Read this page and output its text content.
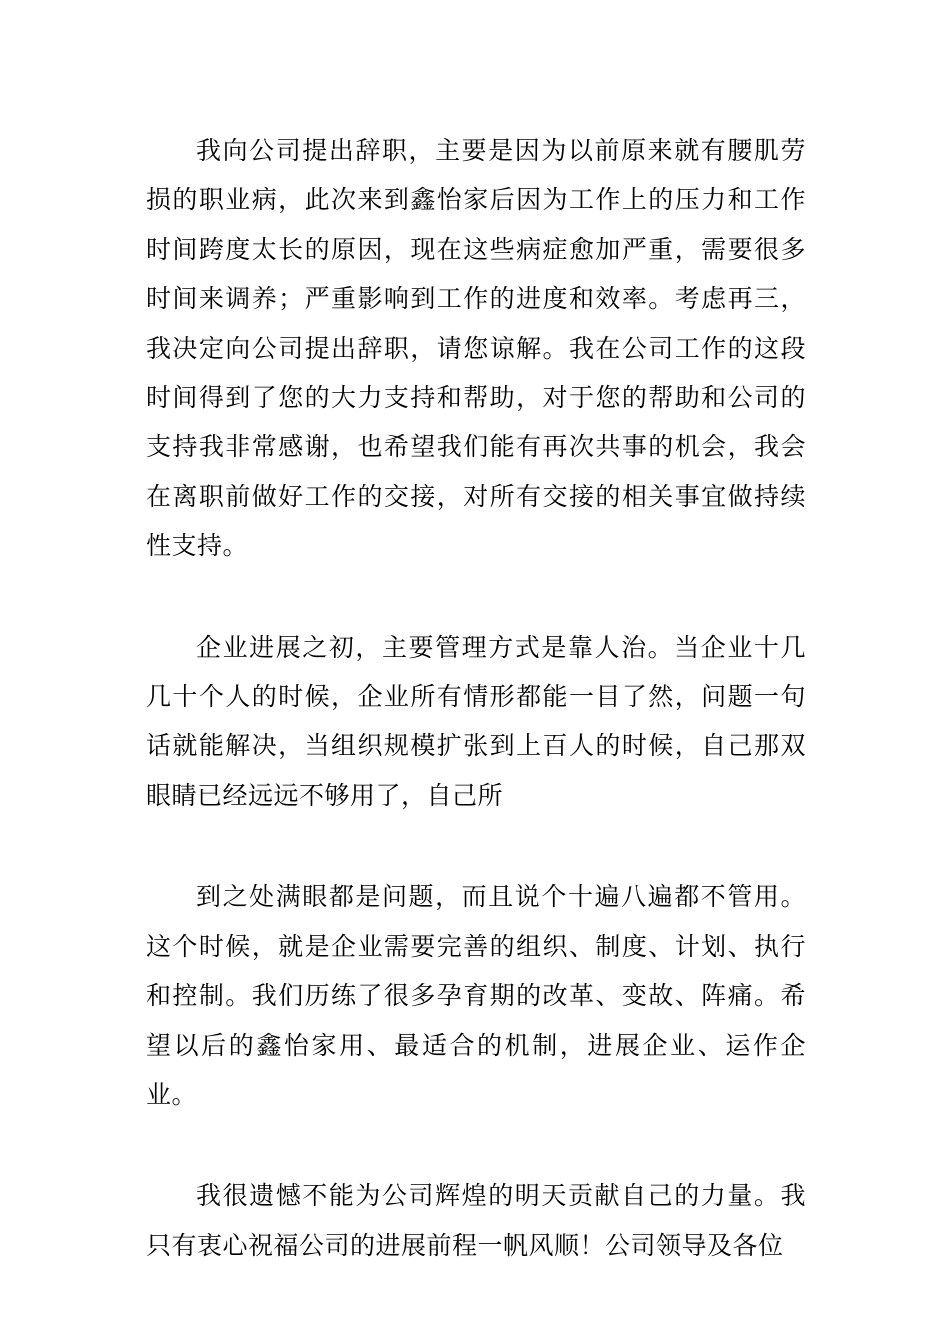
我向公司提出辞职，主要是因为以前原来就有腰肌劳损的职业病，此次来到鑫怡家后因为工作上的压力和工作时间跨度太长的原因，现在这些病症愈加严重，需要很多时间来调养；严重影响到工作的进度和效率。考虑再三，我决定向公司提出辞职，请您谅解。我在公司工作的这段时间得到了您的大力支持和帮助，对于您的帮助和公司的支持我非常感谢，也希望我们能有再次共事的机会，我会在离职前做好工作的交接，对所有交接的相关事宜做持续性支持。

企业进展之初，主要管理方式是靠人治。当企业十几几十个人的时候，企业所有情形都能一目了然，问题一句话就能解决，当组织规模扩张到上百人的时候，自己那双眼睛已经远远不够用了，自己所

到之处满眼都是问题，而且说个十遍八遍都不管用。这个时候，就是企业需要完善的组织、制度、计划、执行和控制。我们历练了很多孕育期的改革、变故、阵痛。希望以后的鑫怡家用、最适合的机制，进展企业、运作企业。

我很遗憾不能为公司辉煌的明天贡献自己的力量。我只有衷心祝福公司的进展前程一帆风顺！公司领导及各位
